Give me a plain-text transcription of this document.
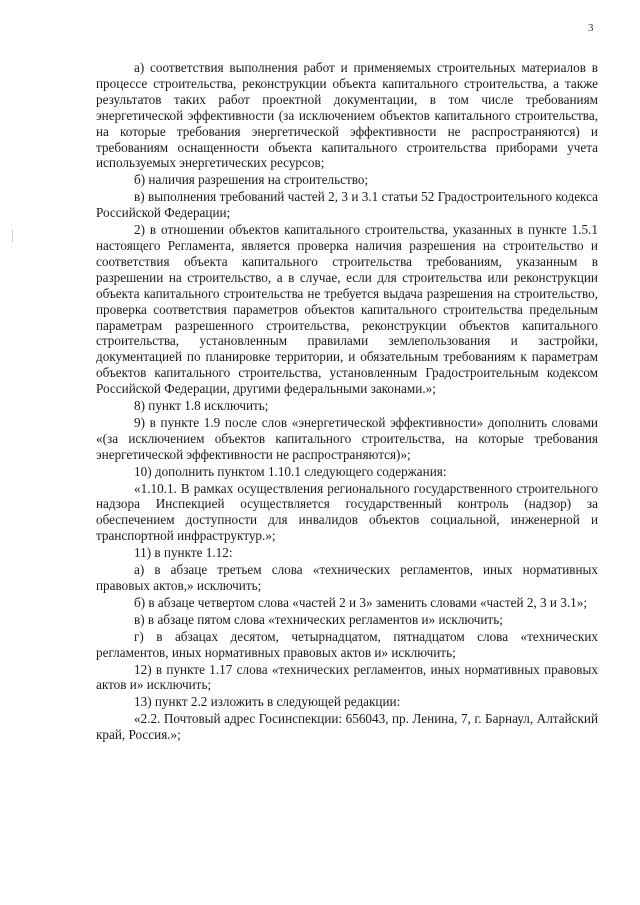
3

а) соответствия выполнения работ и применяемых строительных материалов в процессе строительства, реконструкции объекта капитального строительства, а также результатов таких работ проектной документации, в том числе требованиям энергетической эффективности (за исключением объектов капитального строительства, на которые требования энергетической эффективности не распространяются) и требованиям оснащенности объекта капитального строительства приборами учета используемых энергетических ресурсов;

б) наличия разрешения на строительство;

в) выполнения требований частей 2, 3 и 3.1 статьи 52 Градостроительного кодекса Российской Федерации;

2) в отношении объектов капитального строительства, указанных в пункте 1.5.1 настоящего Регламента, является проверка наличия разрешения на строительство и соответствия объекта капитального строительства требованиям, указанным в разрешении на строительство, а в случае, если для строительства или реконструкции объекта капитального строительства не требуется выдача разрешения на строительство, проверка соответствия параметров объектов капитального строительства предельным параметрам разрешенного строительства, реконструкции объектов капитального строительства, установленным правилами землепользования и застройки, документацией по планировке территории, и обязательным требованиям к параметрам объектов капитального строительства, установленным Градостроительным кодексом Российской Федерации, другими федеральными законами.»;

8) пункт 1.8 исключить;

9) в пункте 1.9 после слов «энергетической эффективности» дополнить словами «(за исключением объектов капитального строительства, на которые требования энергетической эффективности не распространяются)»;

10) дополнить пунктом 1.10.1 следующего содержания:

«1.10.1. В рамках осуществления регионального государственного строительного надзора Инспекцией осуществляется государственный контроль (надзор) за обеспечением доступности для инвалидов объектов социальной, инженерной и транспортной инфраструктур.»;

11) в пункте 1.12:

а) в абзаце третьем слова «технических регламентов, иных нормативных правовых актов,» исключить;

б) в абзаце четвертом слова «частей 2 и 3» заменить словами «частей 2, 3 и 3.1»;

в) в абзаце пятом слова «технических регламентов и» исключить;

г) в абзацах десятом, четырнадцатом, пятнадцатом слова «технических регламентов, иных нормативных правовых актов и» исключить;

12) в пункте 1.17 слова «технических регламентов, иных нормативных правовых актов и» исключить;

13) пункт 2.2 изложить в следующей редакции:

«2.2. Почтовый адрес Госинспекции: 656043, пр. Ленина, 7, г. Барнаул, Алтайский край, Россия.»;
